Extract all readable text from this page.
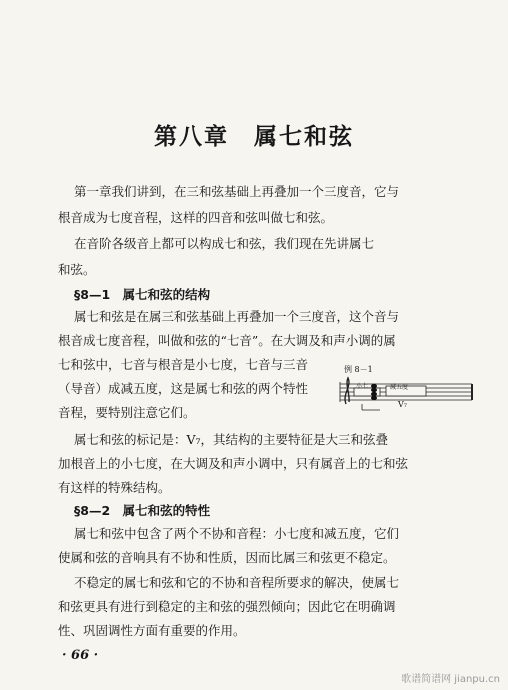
第八章　属七和弦
第一章我们讲到，在三和弦基础上再叠加一个三度音，它与
根音成为七度音程，这样的四音和弦叫做七和弦。
在音阶各级音上都可以构成七和弦，我们现在先讲属七
和弦。
§8—1　属七和弦的结构
属七和弦是在属三和弦基础上再叠加一个三度音，这个音与
根音成七度音程，叫做和弦的“七音”。在大调及和声小调的属
七和弦中，七音与根音是小七度，七音与三音
（导音）成减五度，这是属七和弦的两个特性
音程，要特别注意它们。
例 8－1
小七	减五度
V₇
属七和弦的标记是：V₇，其结构的主要特征是大三和弦叠
加根音上的小七度，在大调及和声小调中，只有属音上的七和弦
有这样的特殊结构。
§8—2　属七和弦的特性
属七和弦中包含了两个不协和音程：小七度和减五度，它们
使属和弦的音响具有不协和性质，因而比属三和弦更不稳定。
不稳定的属七和弦和它的不协和音程所要求的解决，使属七
和弦更具有进行到稳定的主和弦的强烈倾向；因此它在明确调
性、巩固调性方面有重要的作用。
· 66 ·
歌谱简谱网 jianpu.cn
